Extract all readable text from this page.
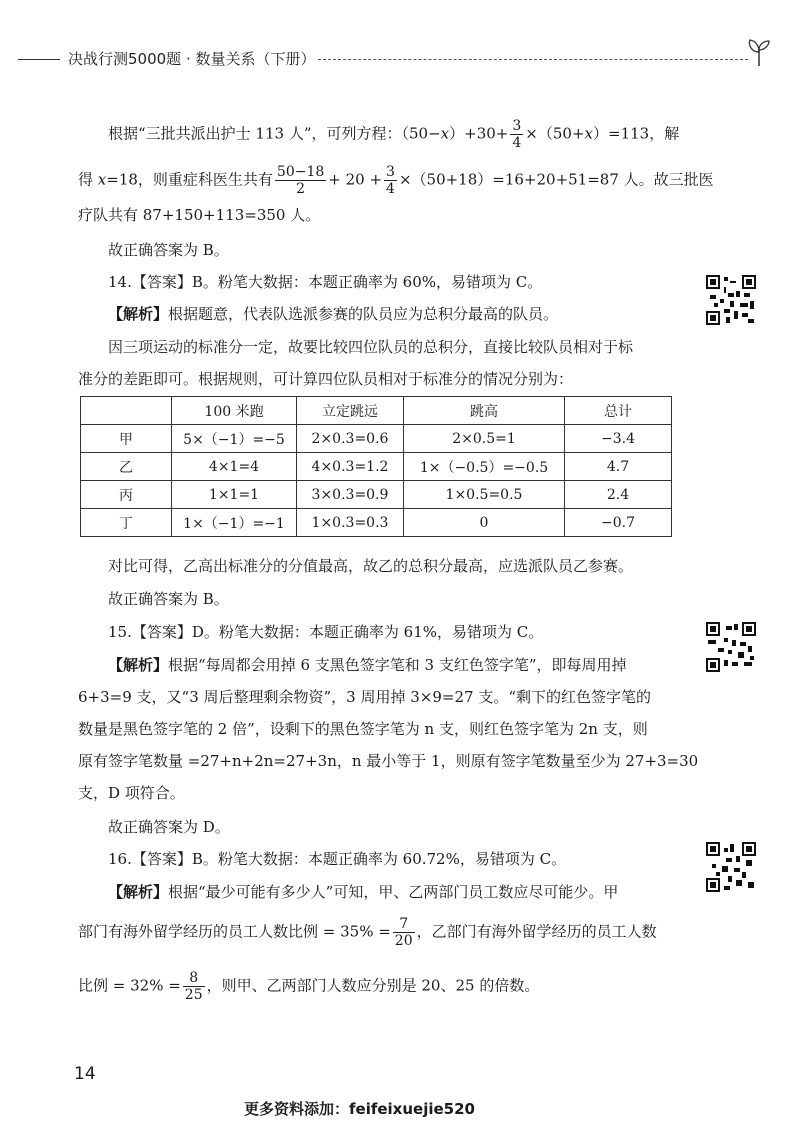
决战行测5000题 · 数量关系（下册）

根据“三批共派出护士 113 人”，可列方程：$(50-x)+30+ \frac{3}{4} \times(50+x)=113$，解

得 x=18，则重症科医生共有 $\frac{50-18}{2} + 20 + \frac{3}{4} \times(50+18)=16+20+51=87$ 人。故三批医

疗队共有 87+150+113=350 人。

故正确答案为 B。

14.【答案】B。粉笔大数据：本题正确率为 60%，易错项为 C。

【解析】根据题意，代表队选派参赛的队员应为总积分最高的队员。

因三项运动的标准分一定，故要比较四位队员的总积分，直接比较队员相对于标

准分的差距即可。根据规则，可计算四位队员相对于标准分的情况分别为：

对比可得，乙高出标准分的分值最高，故乙的总积分最高，应选派队员乙参赛。

故正确答案为 B。

15.【答案】D。粉笔大数据：本题正确率为 61%，易错项为 C。

【解析】根据“每周都会用掉 6 支黑色签字笔和 3 支红色签字笔”，即每周用掉

6+3=9 支，又“3 周后整理剩余物资”，3 周用掉 3×9=27 支。“剩下的红色签字笔的

数量是黑色签字笔的 2 倍”，设剩下的黑色签字笔为 n 支，则红色签字笔为 2n 支，则

原有签字笔数量 =27+n+2n=27+3n，n 最小等于 1，则原有签字笔数量至少为 27+3=30

支，D 项符合。

故正确答案为 D。

16.【答案】B。粉笔大数据：本题正确率为 60.72%，易错项为 C。

【解析】根据“最少可能有多少人”可知，甲、乙两部门员工数应尽可能少。甲

部门有海外留学经历的员工人数比例 = $35\% = \frac{7}{20}$ ，乙部门有海外留学经历的员工人数

比例 = $32\% = \frac{8}{25}$ ，则甲、乙两部门人数应分别是 20、25 的倍数。

	100 米跑	立定跳远	跳高	总计
甲	5×（−1）=−5	2×0.3=0.6	2×0.5=1	−3.4
乙	4×1=4	4×0.3=1.2	1×（−0.5）=−0.5	4.7
丙	1×1=1	3×0.3=0.9	1×0.5=0.5	2.4
丁	1×（−1）=−1	1×0.3=0.3	0	−0.7
14
更多资料添加：feifeixuejie520
